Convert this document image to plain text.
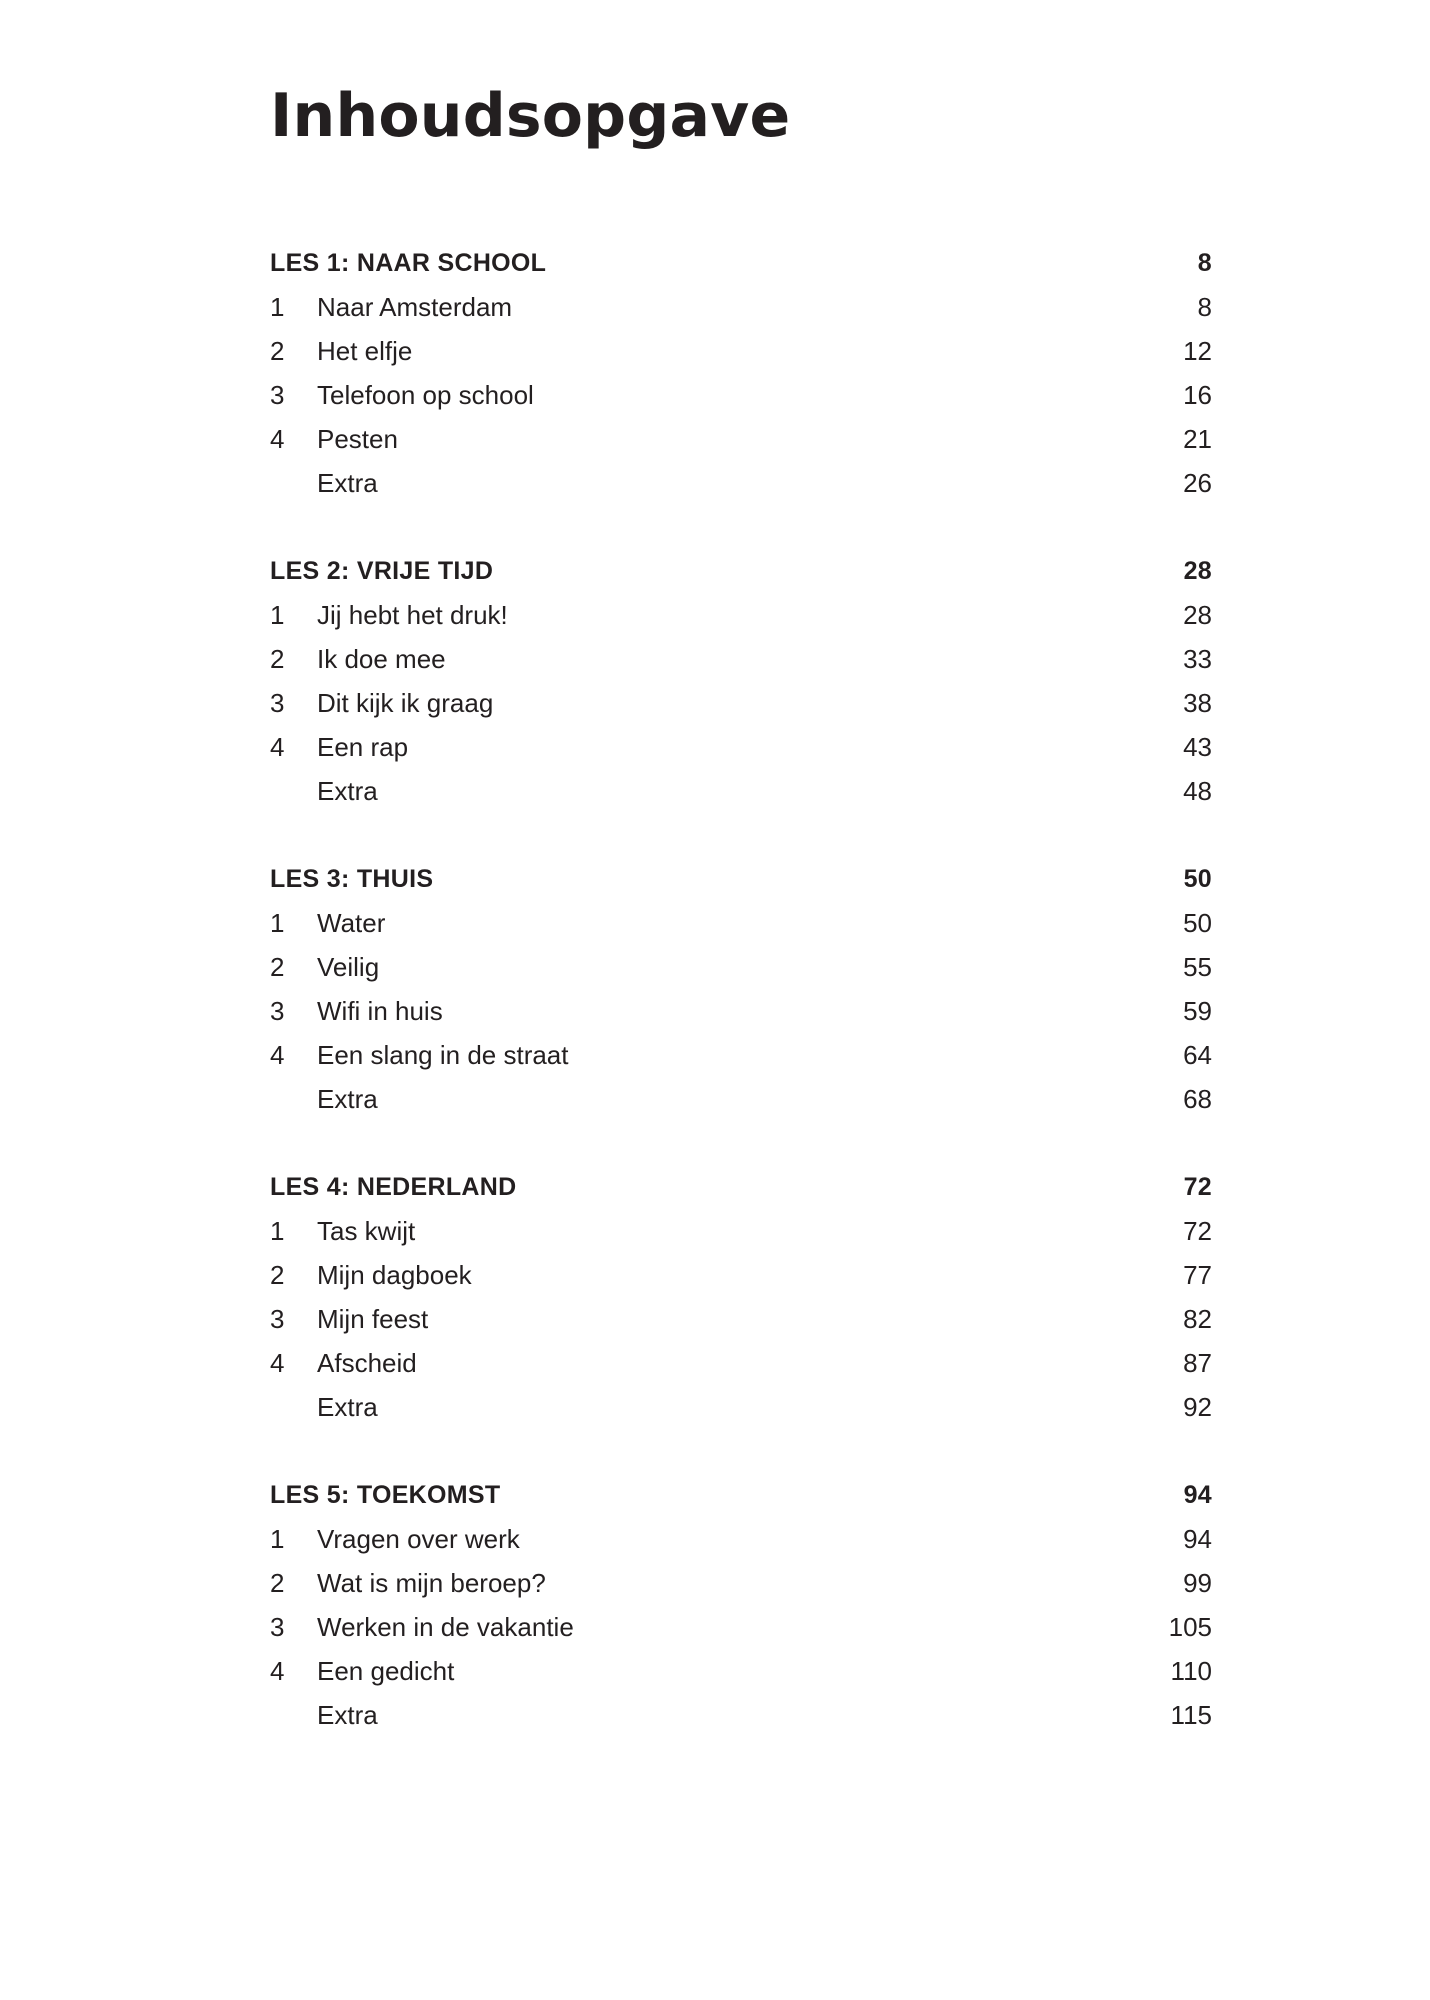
Inhoudsopgave
LES 1: NAAR SCHOOL	8
1	Naar Amsterdam	8
2	Het elfje	12
3	Telefoon op school	16
4	Pesten	21
Extra	26
LES 2: VRIJE TIJD	28
1	Jij hebt het druk!	28
2	Ik doe mee	33
3	Dit kijk ik graag	38
4	Een rap	43
Extra	48
LES 3: THUIS	50
1	Water	50
2	Veilig	55
3	Wifi in huis	59
4	Een slang in de straat	64
Extra	68
LES 4: NEDERLAND	72
1	Tas kwijt	72
2	Mijn dagboek	77
3	Mijn feest	82
4	Afscheid	87
Extra	92
LES 5: TOEKOMST	94
1	Vragen over werk	94
2	Wat is mijn beroep?	99
3	Werken in de vakantie	105
4	Een gedicht	110
Extra	115
